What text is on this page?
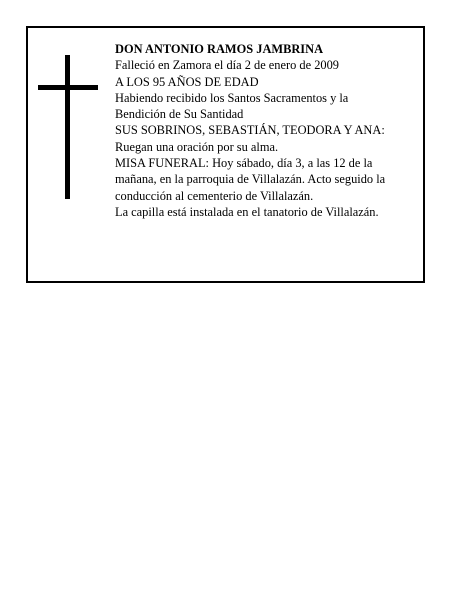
DON ANTONIO RAMOS JAMBRINA
Falleció en Zamora el día 2 de enero de 2009
A LOS 95 AÑOS DE EDAD
Habiendo recibido los Santos Sacramentos y la
Bendición de Su Santidad
SUS SOBRINOS, SEBASTIÁN, TEODORA Y ANA:
Ruegan una oración por su alma.
MISA FUNERAL: Hoy sábado, día 3, a las 12 de la
mañana, en la parroquia de Villalazán. Acto seguido la
conducción al cementerio de Villalazán.
La capilla está instalada en el tanatorio de Villalazán.
